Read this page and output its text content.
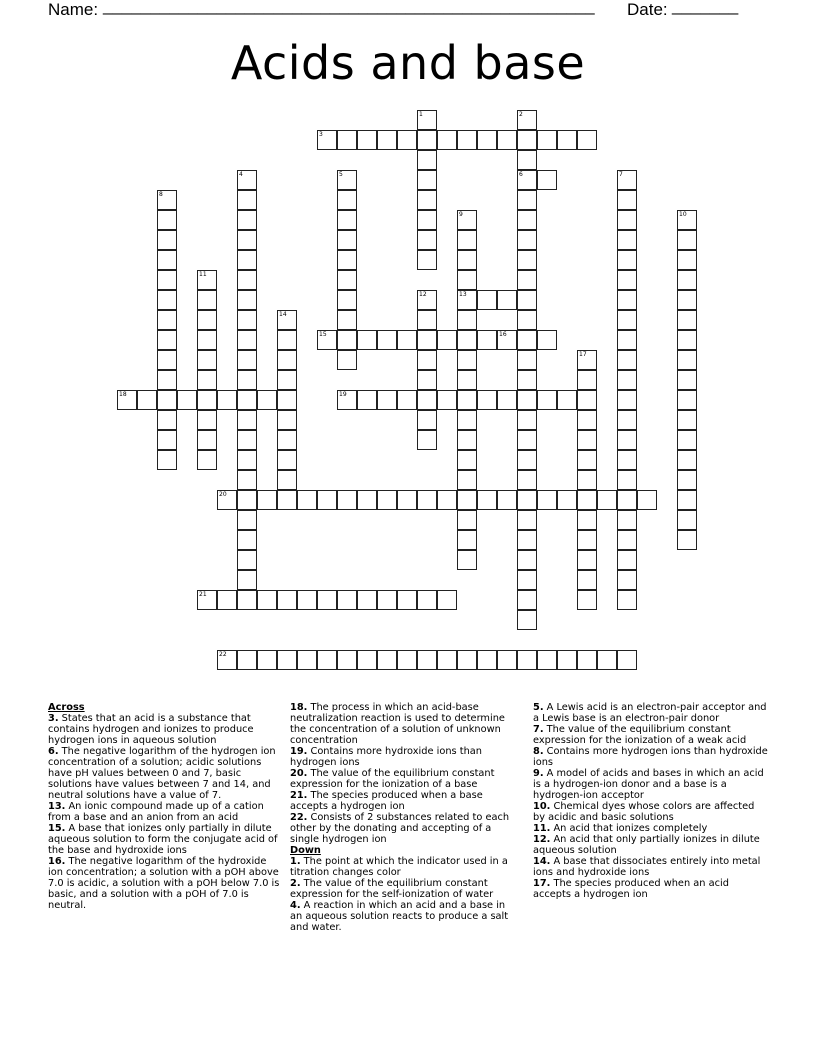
Name: ____________________________________________________ Date: _______
Acids and base
1	2
6
3
4	5	7
8
9
13
10
11
12
14
15	16
17
18	19
20
21
22
Across
3. States that an acid is a substance that contains hydrogen and ionizes to produce hydrogen ions in aqueous solution
6. The negative logarithm of the hydrogen ion concentration of a solution; acidic solutions have pH values between 0 and 7, basic solutions have values between 7 and 14, and neutral solutions have a value of 7.
13. An ionic compound made up of a cation from a base and an anion from an acid
15. A base that ionizes only partially in dilute aqueous solution to form the conjugate acid of the base and hydroxide ions
16. The negative logarithm of the hydroxide ion concentration; a solution with a pOH above 7.0 is acidic, a solution with a pOH below 7.0 is basic, and a solution with a pOH of 7.0 is neutral.
18. The process in which an acid-base neutralization reaction is used to determine the concentration of a solution of unknown concentration
19. Contains more hydroxide ions than hydrogen ions
20. The value of the equilibrium constant expression for the ionization of a base
21. The species produced when a base accepts a hydrogen ion
22. Consists of 2 substances related to each other by the donating and accepting of a single hydrogen ion
Down
1. The point at which the indicator used in a titration changes color
2. The value of the equilibrium constant expression for the self-ionization of water
4. A reaction in which an acid and a base in an aqueous solution reacts to produce a salt and water.
5. A Lewis acid is an electron-pair acceptor and a Lewis base is an electron-pair donor
7. The value of the equilibrium constant expression for the ionization of a weak acid
8. Contains more hydrogen ions than hydroxide ions
9. A model of acids and bases in which an acid is a hydrogen-ion donor and a base is a hydrogen-ion acceptor
10. Chemical dyes whose colors are affected by acidic and basic solutions
11. An acid that ionizes completely
12. An acid that only partially ionizes in dilute aqueous solution
14. A base that dissociates entirely into metal ions and hydroxide ions
17. The species produced when an acid accepts a hydrogen ion
